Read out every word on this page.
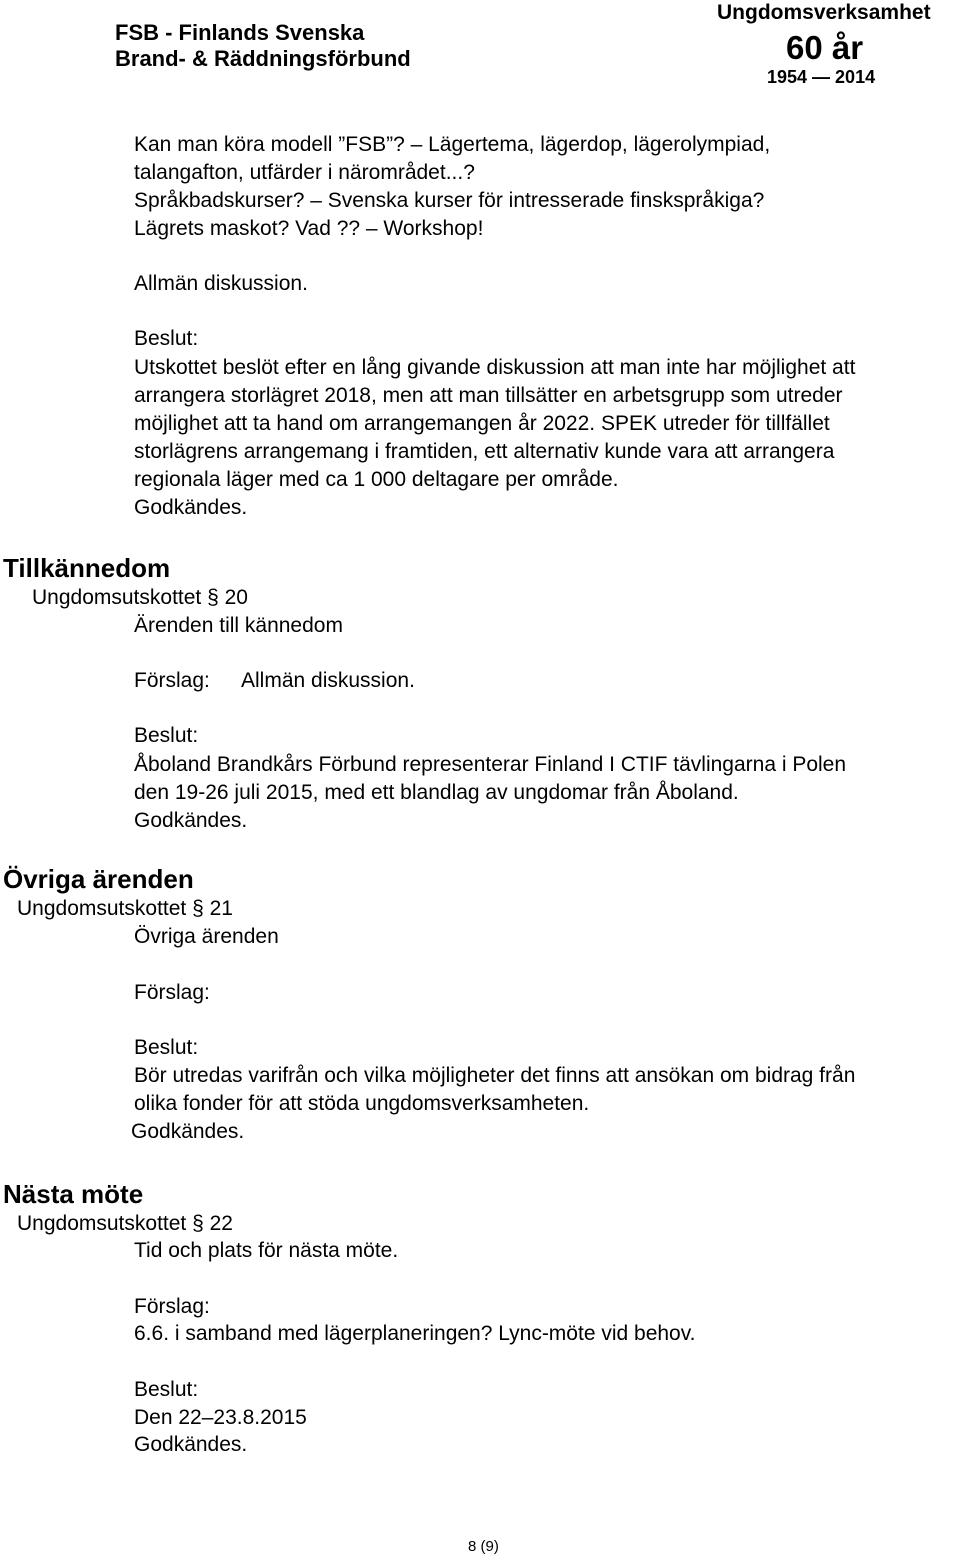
FSB - Finlands Svenska
Brand- & Räddningsförbund
Ungdomsverksamhet
60 år
1954 — 2014
Kan man köra modell ”FSB”? – Lägertema, lägerdop, lägerolympiad,
talangafton, utfärder i närområdet...?
Språkbadskurser? – Svenska kurser för intresserade finskspråkiga?
Lägrets maskot? Vad ?? – Workshop!
Allmän diskussion.
Beslut:
Utskottet beslöt efter en lång givande diskussion att man inte har möjlighet att
arrangera storlägret 2018, men att man tillsätter en arbetsgrupp som utreder
möjlighet att ta hand om arrangemangen år 2022. SPEK utreder för tillfället
storlägrens arrangemang i framtiden, ett alternativ kunde vara att arrangera
regionala läger med ca 1 000 deltagare per område.
Godkändes.
Tillkännedom
Ungdomsutskottet § 20
Ärenden till kännedom
Förslag: Allmän diskussion.
Beslut:
Åboland Brandkårs Förbund representerar Finland I CTIF tävlingarna i Polen
den 19-26 juli 2015, med ett blandlag av ungdomar från Åboland.
Godkändes.
Övriga ärenden
Ungdomsutskottet § 21
Övriga ärenden
Förslag:
Beslut:
Bör utredas varifrån och vilka möjligheter det finns att ansökan om bidrag från
olika fonder för att stöda ungdomsverksamheten.
Godkändes.
Nästa möte
Ungdomsutskottet § 22
Tid och plats för nästa möte.
Förslag:
6.6. i samband med lägerplaneringen? Lync-möte vid behov.
Beslut:
Den 22–23.8.2015
Godkändes.
8 (9)
